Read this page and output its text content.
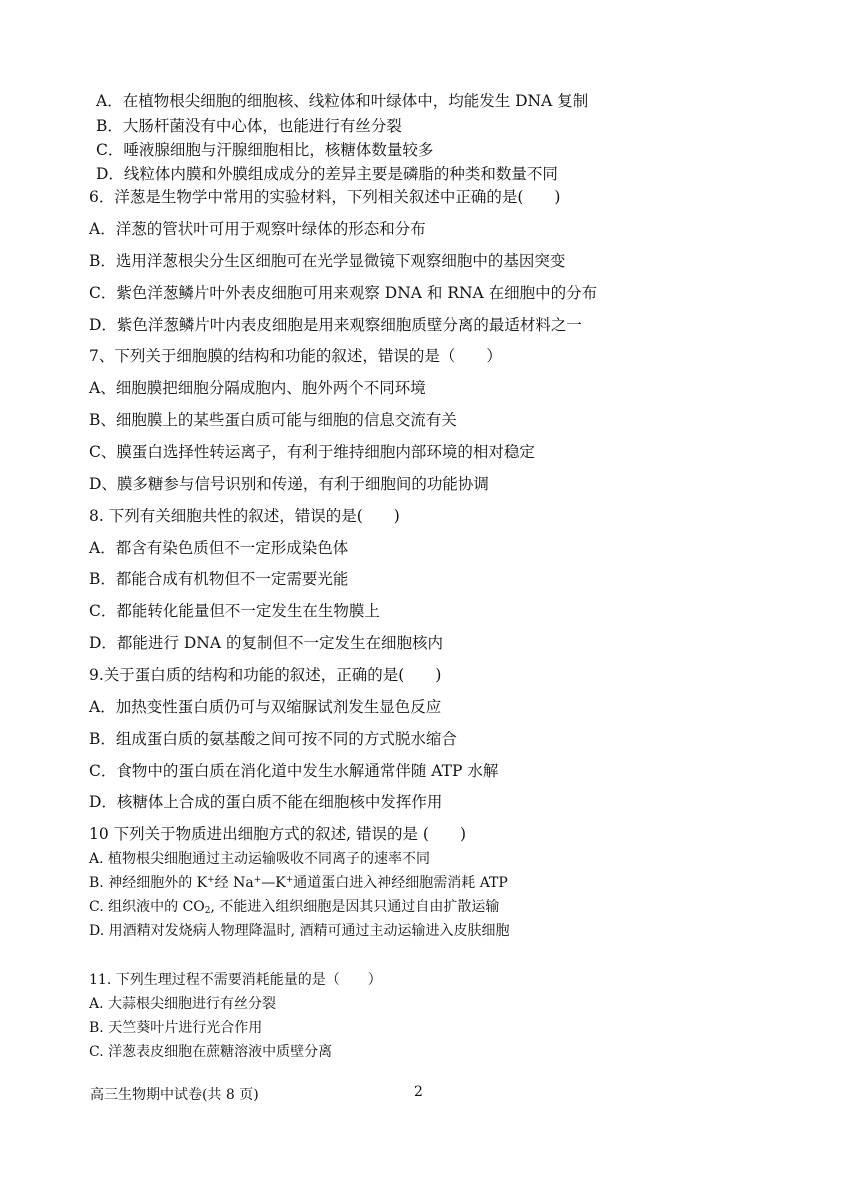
A．在植物根尖细胞的细胞核、线粒体和叶绿体中，均能发生 DNA 复制
B．大肠杆菌没有中心体，也能进行有丝分裂
C．唾液腺细胞与汗腺细胞相比，核糖体数量较多
D．线粒体内膜和外膜组成成分的差异主要是磷脂的种类和数量不同
6．洋葱是生物学中常用的实验材料，下列相关叙述中正确的是(　　)
A．洋葱的管状叶可用于观察叶绿体的形态和分布
B．选用洋葱根尖分生区细胞可在光学显微镜下观察细胞中的基因突变
C．紫色洋葱鳞片叶外表皮细胞可用来观察 DNA 和 RNA 在细胞中的分布
D．紫色洋葱鳞片叶内表皮细胞是用来观察细胞质壁分离的最适材料之一
7、下列关于细胞膜的结构和功能的叙述，错误的是（　　）
A、细胞膜把细胞分隔成胞内、胞外两个不同环境
B、细胞膜上的某些蛋白质可能与细胞的信息交流有关
C、膜蛋白选择性转运离子，有利于维持细胞内部环境的相对稳定
D、膜多糖参与信号识别和传递，有利于细胞间的功能协调
8. 下列有关细胞共性的叙述，错误的是(　　)
A．都含有染色质但不一定形成染色体
B．都能合成有机物但不一定需要光能
C．都能转化能量但不一定发生在生物膜上
D．都能进行 DNA 的复制但不一定发生在细胞核内
9.关于蛋白质的结构和功能的叙述，正确的是(　　)
A．加热变性蛋白质仍可与双缩脲试剂发生显色反应
B．组成蛋白质的氨基酸之间可按不同的方式脱水缩合
C．食物中的蛋白质在消化道中发生水解通常伴随 ATP 水解
D．核糖体上合成的蛋白质不能在细胞核中发挥作用
10 下列关于物质进出细胞方式的叙述, 错误的是 (　　)
A. 植物根尖细胞通过主动运输吸收不同离子的速率不同
B. 神经细胞外的 K+经 Na+—K+通道蛋白进入神经细胞需消耗 ATP
C. 组织液中的 $CO_2$, 不能进入组织细胞是因其只通过自由扩散运输
D. 用酒精对发烧病人物理降温时, 酒精可通过主动运输进入皮肤细胞
11. 下列生理过程不需要消耗能量的是（　　）
A. 大蒜根尖细胞进行有丝分裂
B. 天竺葵叶片进行光合作用
C. 洋葱表皮细胞在蔗糖溶液中质壁分离
高三生物期中试卷(共 8 页)	2
